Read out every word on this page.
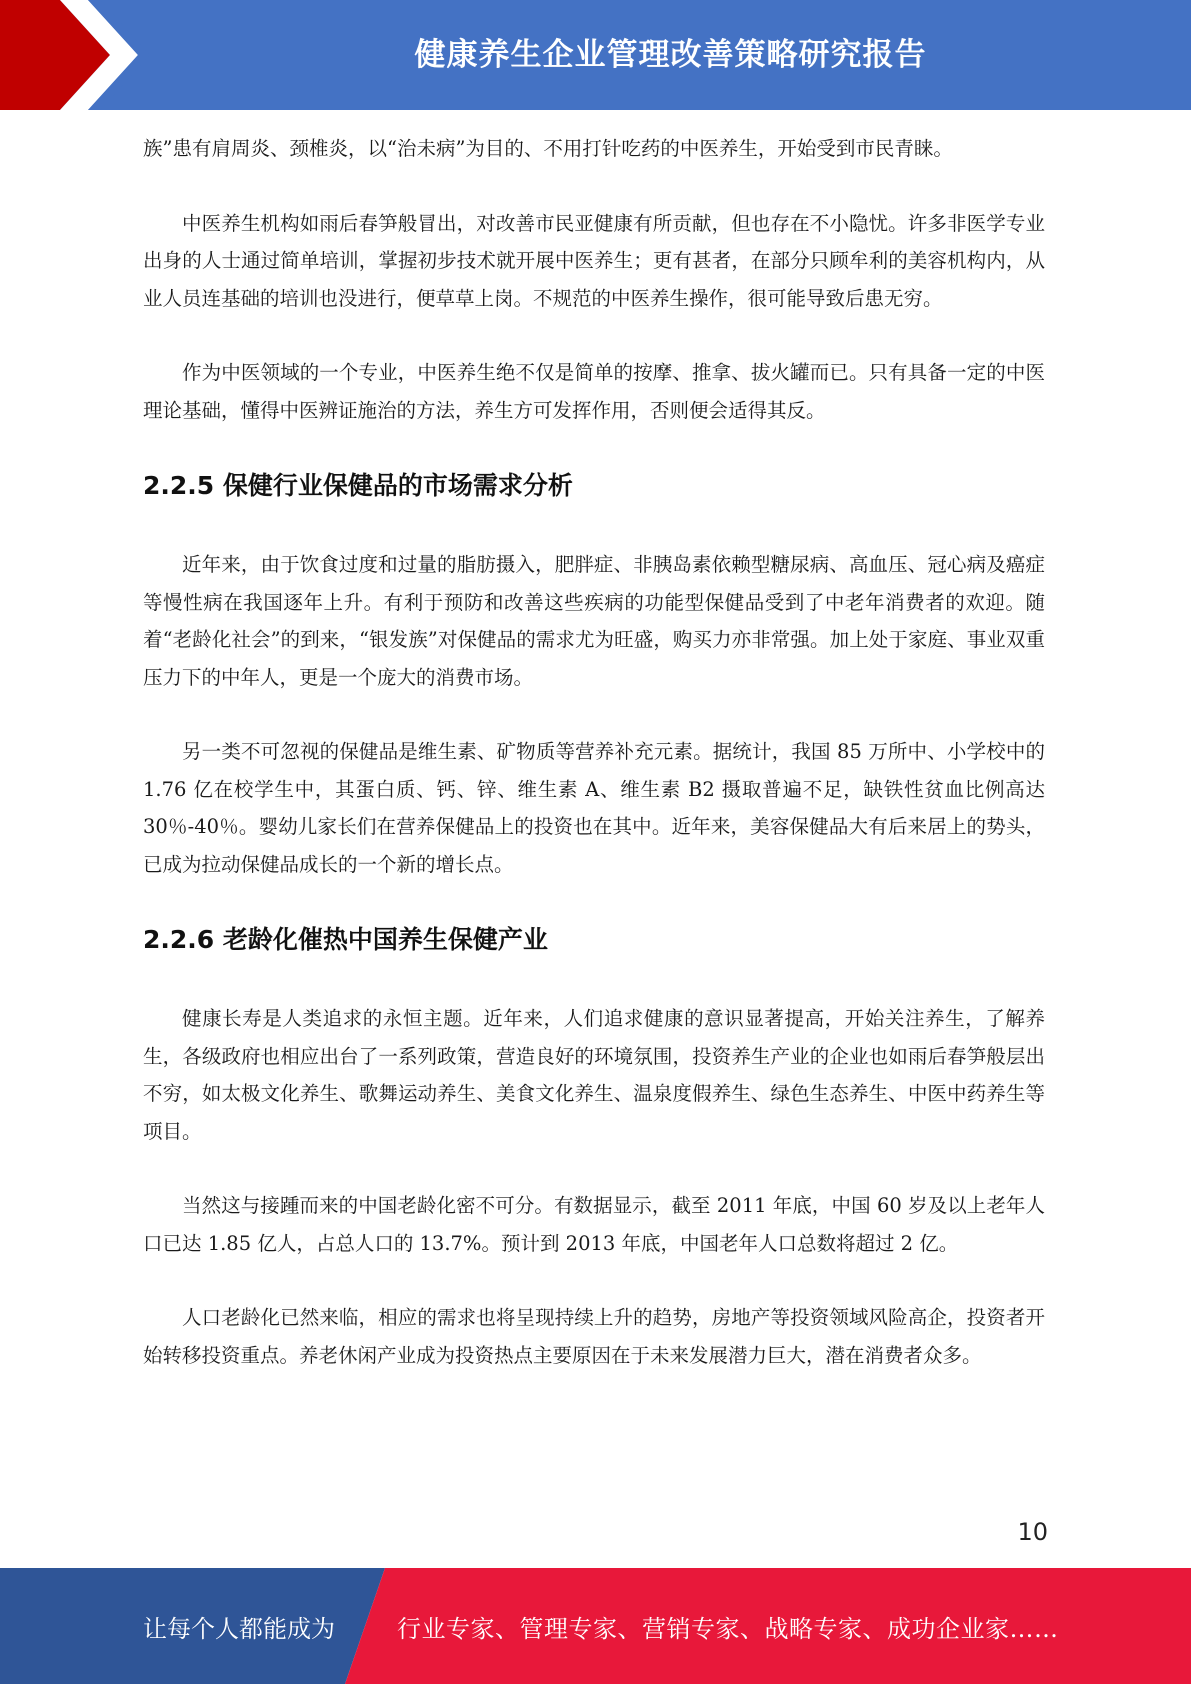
健康养生企业管理改善策略研究报告

族”患有肩周炎、颈椎炎，以“治未病”为目的、不用打针吃药的中医养生，开始受到市民青睐。

中医养生机构如雨后春笋般冒出，对改善市民亚健康有所贡献，但也存在不小隐忧。许多非医学专业出身的人士通过简单培训，掌握初步技术就开展中医养生；更有甚者，在部分只顾牟利的美容机构内，从业人员连基础的培训也没进行，便草草上岗。不规范的中医养生操作，很可能导致后患无穷。

作为中医领域的一个专业，中医养生绝不仅是简单的按摩、推拿、拔火罐而已。只有具备一定的中医理论基础，懂得中医辨证施治的方法，养生方可发挥作用，否则便会适得其反。

2.2.5 保健行业保健品的市场需求分析

近年来，由于饮食过度和过量的脂肪摄入，肥胖症、非胰岛素依赖型糖尿病、高血压、冠心病及癌症等慢性病在我国逐年上升。有利于预防和改善这些疾病的功能型保健品受到了中老年消费者的欢迎。随着“老龄化社会”的到来，“银发族”对保健品的需求尤为旺盛，购买力亦非常强。加上处于家庭、事业双重压力下的中年人，更是一个庞大的消费市场。

另一类不可忽视的保健品是维生素、矿物质等营养补充元素。据统计，我国 85 万所中、小学校中的 1.76 亿在校学生中，其蛋白质、钙、锌、维生素 A、维生素 B2 摄取普遍不足，缺铁性贫血比例高达 30％-40％。婴幼儿家长们在营养保健品上的投资也在其中。近年来，美容保健品大有后来居上的势头，已成为拉动保健品成长的一个新的增长点。

2.2.6 老龄化催热中国养生保健产业

健康长寿是人类追求的永恒主题。近年来，人们追求健康的意识显著提高，开始关注养生，了解养生，各级政府也相应出台了一系列政策，营造良好的环境氛围，投资养生产业的企业也如雨后春笋般层出不穷，如太极文化养生、歌舞运动养生、美食文化养生、温泉度假养生、绿色生态养生、中医中药养生等项目。

当然这与接踵而来的中国老龄化密不可分。有数据显示，截至 2011 年底，中国 60 岁及以上老年人口已达 1.85 亿人，占总人口的 13.7%。预计到 2013 年底，中国老年人口总数将超过 2 亿。

人口老龄化已然来临，相应的需求也将呈现持续上升的趋势，房地产等投资领域风险高企，投资者开始转移投资重点。养老休闲产业成为投资热点主要原因在于未来发展潜力巨大，潜在消费者众多。

10
让每个人都能成为	行业专家、管理专家、营销专家、战略专家、成功企业家……
